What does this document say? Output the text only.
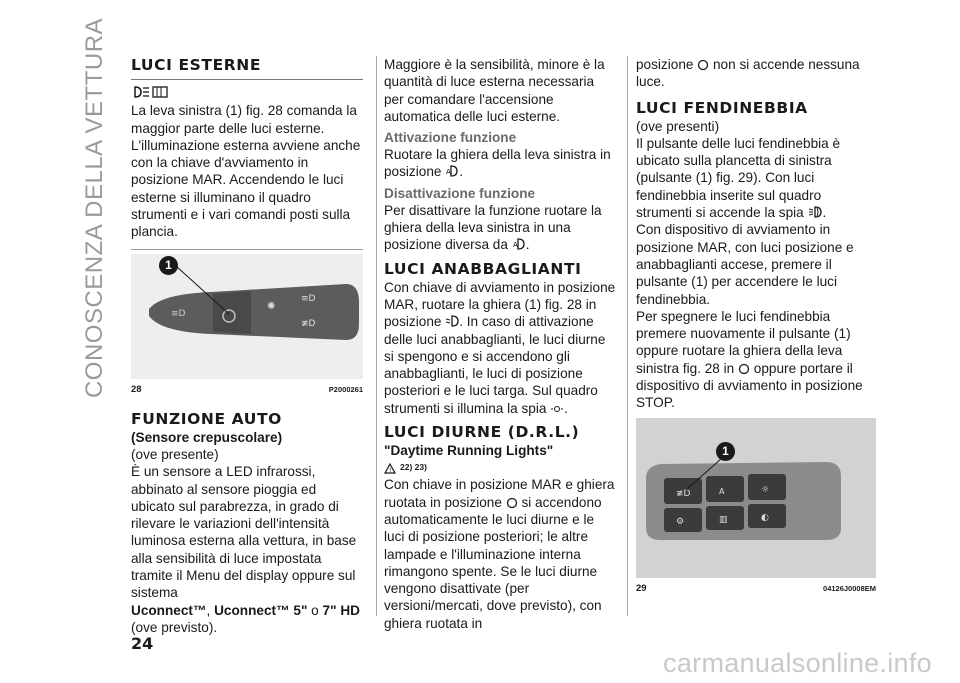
CONOSCENZA DELLA VETTURA LUCI ESTERNE

La leva sinistra (1) fig. 28 comanda la maggior parte delle luci esterne. L'illuminazione esterna avviene anche con la chiave d'avviamento in posizione MAR. Accendendo le luci esterne si illuminano il quadro strumenti e i vari comandi posti sulla plancia.

≡D
✺
≡D
≢D
1
28	P2000261
FUNZIONE AUTO
(Sensore crepuscolare)

(ove presente)

È un sensore a LED infrarossi, abbinato al sensore pioggia ed ubicato sul parabrezza, in grado di rilevare le variazioni dell'intensità luminosa esterna alla vettura, in base alla sensibilità di luce impostata tramite il Menu del display oppure sul sistema
Uconnect™, Uconnect™ 5" o 7" HD
(ove previsto).

Maggiore è la sensibilità, minore è la quantità di luce esterna necessaria per comandare l'accensione automatica delle luci esterne.

Attivazione funzione

Ruotare la ghiera della leva sinistra in posizione A .

Disattivazione funzione

Per disattivare la funzione ruotare la ghiera della leva sinistra in una posizione diversa da A .

LUCI ANABBAGLIANTI

Con chiave di avviamento in posizione MAR, ruotare la ghiera (1) fig. 28 in posizione . In caso di attivazione delle luci anabbaglianti, le luci diurne si spengono e si accendono gli anabbaglianti, le luci di posizione posteriori e le luci targa. Sul quadro strumenti si illumina la spia .

LUCI DIURNE (D.R.L.)
"Daytime Running Lights"

! 22) 23)

Con chiave in posizione MAR e ghiera ruotata in posizione si accendono automaticamente le luci diurne e le luci di posizione posteriori; le altre lampade e l'illuminazione interna rimangono spente. Se le luci diurne vengono disattivate (per versioni/mercati, dove previsto), con ghiera ruotata in

posizione non si accende nessuna luce.

LUCI FENDINEBBIA

(ove presenti)

Il pulsante delle luci fendinebbia è ubicato sulla plancetta di sinistra (pulsante (1) fig. 29). Con luci fendinebbia inserite sul quadro strumenti si accende la spia .

Con dispositivo di avviamento in posizione MAR, con luci posizione e anabbaglianti accese, premere il pulsante (1) per accendere le luci fendinebbia.

Per spegnere le luci fendinebbia premere nuovamente il pulsante (1) oppure ruotare la ghiera della leva sinistra fig. 28 in oppure portare il dispositivo di avviamento in posizione STOP.

≢D	A	☼
⚙	▥	◐
1
29	04126J0008EM
24
carmanualsonline.info
